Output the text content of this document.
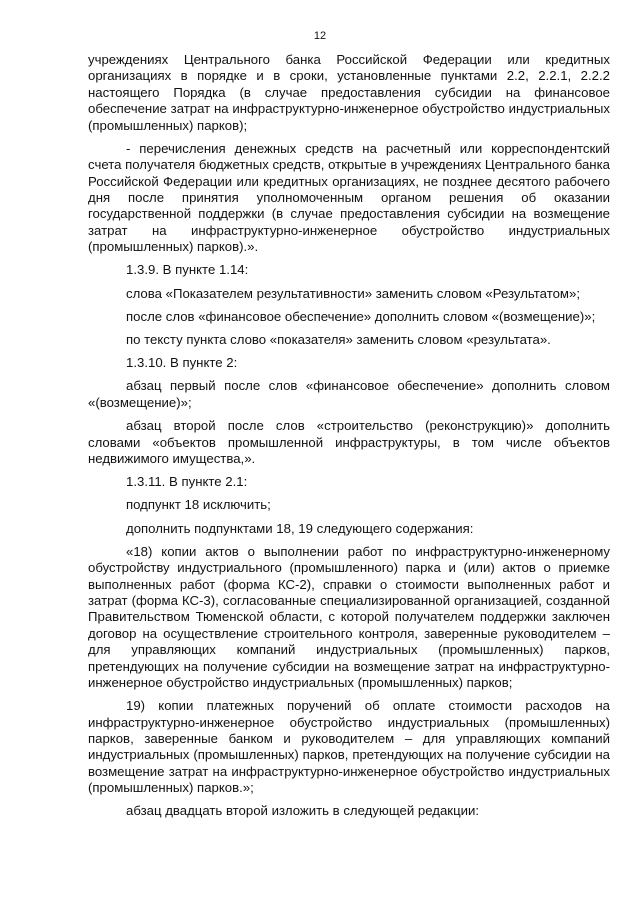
12

учреждениях Центрального банка Российской Федерации или кредитных организациях в порядке и в сроки, установленные пунктами 2.2, 2.2.1, 2.2.2 настоящего Порядка (в случае предоставления субсидии на финансовое обеспечение затрат на инфраструктурно-инженерное обустройство индустриальных (промышленных) парков);

- перечисления денежных средств на расчетный или корреспондентский счета получателя бюджетных средств, открытые в учреждениях Центрального банка Российской Федерации или кредитных организациях, не позднее десятого рабочего дня после принятия уполномоченным органом решения об оказании государственной поддержки (в случае предоставления субсидии на возмещение затрат на инфраструктурно-инженерное обустройство индустриальных (промышленных) парков).».

1.3.9. В пункте 1.14:

слова «Показателем результативности» заменить словом «Результатом»;

после слов «финансовое обеспечение» дополнить словом «(возмещение)»;

по тексту пункта слово «показателя» заменить словом «результата».

1.3.10. В пункте 2:

абзац первый после слов «финансовое обеспечение» дополнить словом «(возмещение)»;

абзац второй после слов «строительство (реконструкцию)» дополнить словами «объектов промышленной инфраструктуры, в том числе объектов недвижимого имущества,».

1.3.11. В пункте 2.1:

подпункт 18 исключить;

дополнить подпунктами 18, 19 следующего содержания:

«18) копии актов о выполнении работ по инфраструктурно-инженерному обустройству индустриального (промышленного) парка и (или) актов о приемке выполненных работ (форма КС-2), справки о стоимости выполненных работ и затрат (форма КС-3), согласованные специализированной организацией, созданной Правительством Тюменской области, с которой получателем поддержки заключен договор на осуществление строительного контроля, заверенные руководителем – для управляющих компаний индустриальных (промышленных) парков, претендующих на получение субсидии на возмещение затрат на инфраструктурно-инженерное обустройство индустриальных (промышленных) парков;

19) копии платежных поручений об оплате стоимости расходов на инфраструктурно-инженерное обустройство индустриальных (промышленных) парков, заверенные банком и руководителем – для управляющих компаний индустриальных (промышленных) парков, претендующих на получение субсидии на возмещение затрат на инфраструктурно-инженерное обустройство индустриальных (промышленных) парков.»;

абзац двадцать второй изложить в следующей редакции:
